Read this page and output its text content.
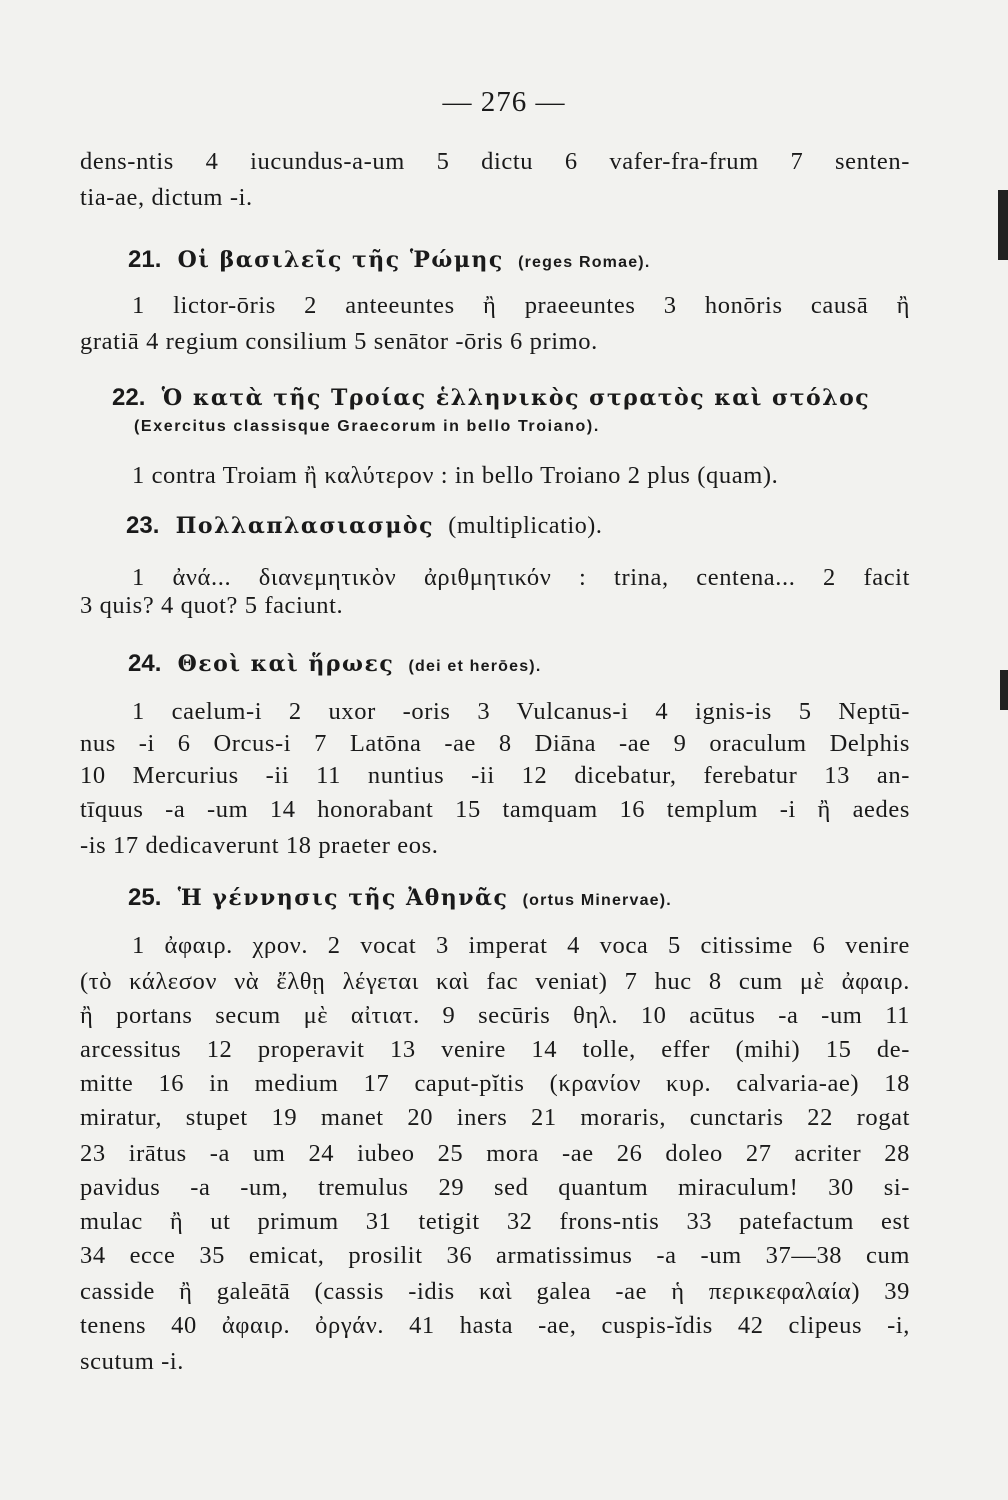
— 276 —
dens-ntis 4 iucundus-a-um 5 dictu 6 vafer-fra-frum 7 senten-
tia-ae, dictum -i.
21. Οἱ βασιλεῖς τῆς Ῥώμης (reges Romae).
1 lictor-ōris 2 anteeuntes ἢ praeeuntes 3 honōris causā ἢ
gratiā 4 regium consilium 5 senātor -ōris 6 primo.
22. Ὁ κατὰ τῆς Τροίας ἑλληνικὸς στρατὸς καὶ στόλος
(Exercitus classisque Graecorum in bello Troiano).
1 contra Troiam ἢ καλύτερον : in bello Troiano 2 plus (quam).
23. Πολλαπλασιασμὸς (multiplicatio).
1 ἀνά... διανεμητικὸν ἀριθμητικόν : trina, centena... 2 facit
3 quis? 4 quot? 5 faciunt.
24. Θεοὶ καὶ ἥρωες (dei et herōes).
1 caelum-i 2 uxor -oris 3 Vulcanus-i 4 ignis-is 5 Neptū-
nus -i 6 Orcus-i 7 Latōna -ae 8 Diāna -ae 9 oraculum Delphis
10 Mercurius -ii 11 nuntius -ii 12 dicebatur, ferebatur 13 an-
tīquus -a -um 14 honorabant 15 tamquam 16 templum -i ἢ aedes
-is 17 dedicaverunt 18 praeter eos.
25. Ἡ γέννησις τῆς Ἀθηνᾶς (ortus Minervae).
1 ἀφαιρ. χρον. 2 vocat 3 imperat 4 voca 5 citissime 6 venire
(τὸ κάλεσον νὰ ἔλθῃ λέγεται καὶ fac veniat) 7 huc 8 cum μὲ ἀφαιρ.
ἢ portans secum μὲ αἰτιατ. 9 secūris θηλ. 10 acūtus -a -um 11
arcessitus 12 properavit 13 venire 14 tolle, effer (mihi) 15 de-
mitte 16 in medium 17 caput-pĭtis (κρανίον κυρ. calvaria-ae) 18
miratur, stupet 19 manet 20 iners 21 moraris, cunctaris 22 rogat
23 irātus -a um 24 iubeo 25 mora -ae 26 doleo 27 acriter 28
pavidus -a -um, tremulus 29 sed quantum miraculum! 30 si-
mulac ἢ ut primum 31 tetigit 32 frons-ntis 33 patefactum est
34 ecce 35 emicat, prosilit 36 armatissimus -a -um 37—38 cum
casside ἢ galeātā (cassis -idis καὶ galea -ae ἡ περικεφαλαία) 39
tenens 40 ἀφαιρ. ὀργάν. 41 hasta -ae, cuspis-ĭdis 42 clipeus -i,
scutum -i.
